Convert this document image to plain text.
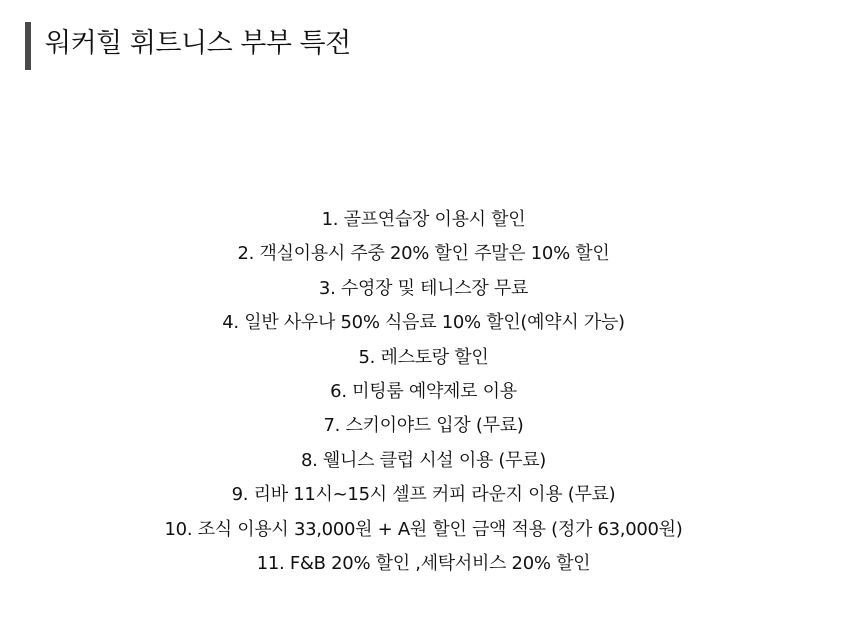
워커힐 휘트니스 부부 특전
1. 골프연습장 이용시 할인
2. 객실이용시 주중 20% 할인 주말은 10% 할인
3. 수영장 및 테니스장 무료
4. 일반 사우나 50% 식음료 10% 할인(예약시 가능)
5. 레스토랑 할인
6. 미팅룸 예약제로 이용
7. 스키이야드 입장 (무료)
8. 웰니스 클럽 시설 이용 (무료)
9. 리바 11시~15시 셀프 커피 라운지 이용 (무료)
10. 조식 이용시 33,000원 + A원 할인 금액 적용 (정가 63,000원)
11. F&B 20% 할인 ,세탁서비스 20% 할인
